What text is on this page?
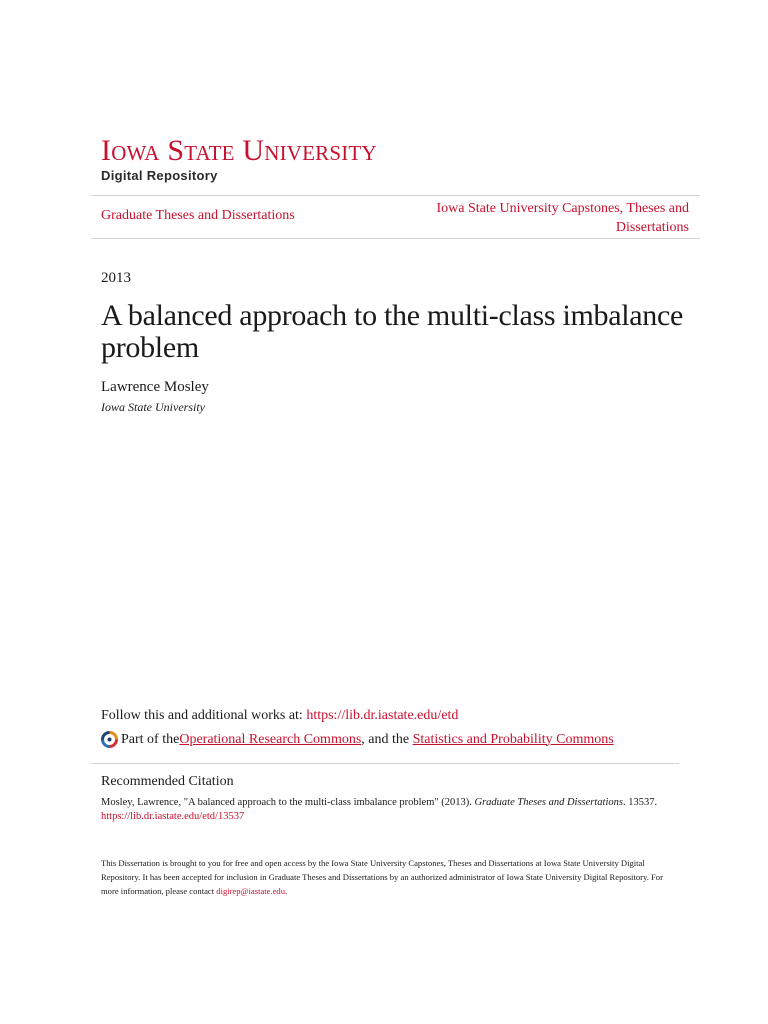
Iowa State University
Digital Repository
Graduate Theses and Dissertations	Iowa State University Capstones, Theses and Dissertations
2013
A balanced approach to the multi-class imbalance problem
Lawrence Mosley
Iowa State University
Follow this and additional works at: https://lib.dr.iastate.edu/etd
Part of the Operational Research Commons , and the Statistics and Probability Commons
Recommended Citation
Mosley, Lawrence, "A balanced approach to the multi-class imbalance problem" (2013). Graduate Theses and Dissertations. 13537.
https://lib.dr.iastate.edu/etd/13537
This Dissertation is brought to you for free and open access by the Iowa State University Capstones, Theses and Dissertations at Iowa State University Digital Repository. It has been accepted for inclusion in Graduate Theses and Dissertations by an authorized administrator of Iowa State University Digital Repository. For more information, please contact digirep@iastate.edu.
